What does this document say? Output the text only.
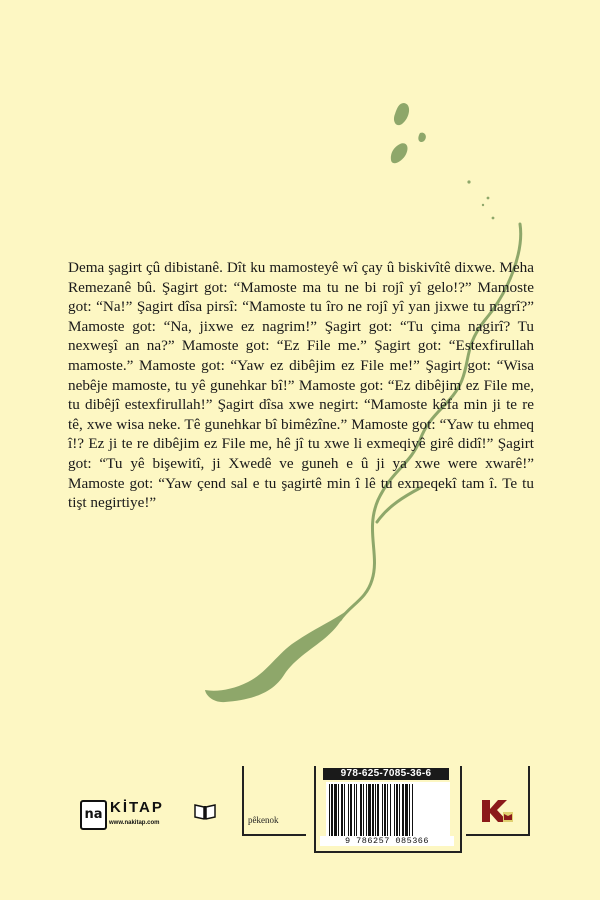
Dema şagirt çû dibistanê. Dît ku mamosteyê wî çay û biskivîtê dixwe. Meha Remezanê bû. Şagirt got: “Mamoste ma tu ne bi rojî yî gelo!?” Mamoste got: “Na!” Şagirt dîsa pirsî: “Mamoste tu îro ne rojî yî yan jixwe tu nagrî?” Mamoste got: “Na, jixwe ez nagrim!” Şagirt got: “Tu çima nagirî? Tu nexweşî an na?” Mamoste got: “Ez File me.” Şagirt got: “Estexfirullah mamoste.” Mamoste got: “Yaw ez dibêjim ez File me!” Şagirt got: “Wisa nebêje mamoste, tu yê gunehkar bî!” Mamoste got: “Ez dibêjim ez File me, tu dibêjî estexfirullah!” Şagirt dîsa xwe negirt: “Mamoste kêfa min ji te re tê, xwe wisa neke. Tê gunehkar bî bimêzîne.” Mamoste got: “Yaw tu ehmeq î!? Ez ji te re dibêjim ez File me, hê jî tu xwe li exmeqiyê girê didî!” Şagirt got: “Tu yê bişewitî, ji Xwedê ve guneh e û ji ya xwe were xwarê!” Mamoste got: “Yaw çend sal e tu şagirtê min î lê tu exmeqekî tam î. Te tu tişt negirtiye!”

na KİTAP
www.nakitap.com	pêkenok
978-625-7085-36-6
9 786257 085366
